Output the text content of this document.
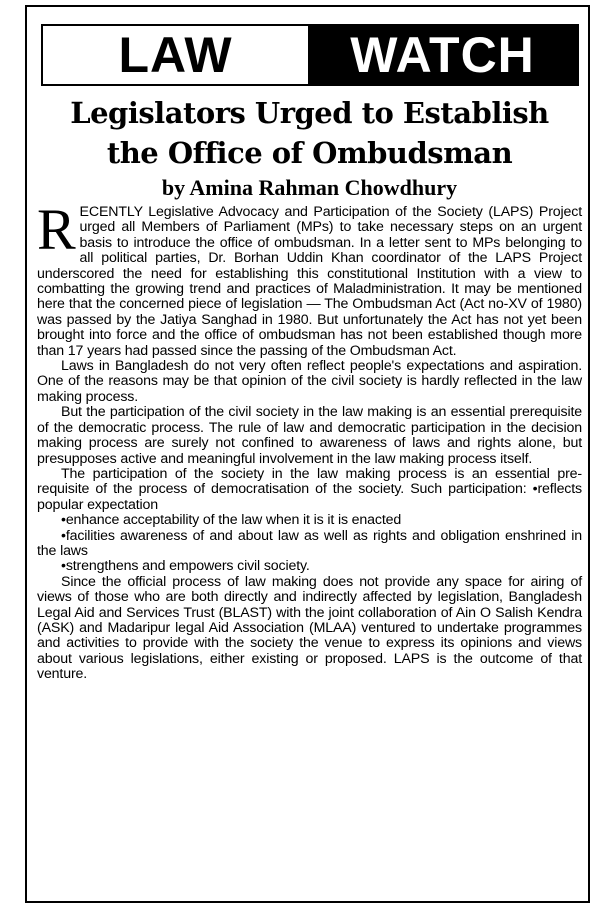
LAW	WATCH
Legislators Urged to Establish
the Office of Ombudsman
by Amina Rahman Chowdhury

RECENTLY Legislative Advocacy and Participation of the Society (LAPS) Project urged all Members of Parliament (MPs) to take necessary steps on an urgent basis to introduce the office of ombudsman. In a letter sent to MPs belonging to all political parties, Dr. Borhan Uddin Khan coordinator of the LAPS Project underscored the need for establishing this constitutional Institution with a view to combatting the growing trend and practices of Maladministration. It may be mentioned here that the concerned piece of legislation — The Ombudsman Act (Act no-XV of 1980) was passed by the Jatiya Sanghad in 1980. But unfortunately the Act has not yet been brought into force and the office of ombudsman has not been established though more than 17 years had passed since the passing of the Ombudsman Act.

Laws in Bangladesh do not very often reflect people's expectations and aspiration. One of the reasons may be that opinion of the civil society is hardly reflected in the law making process.

But the participation of the civil society in the law making is an essential prerequisite of the democratic process. The rule of law and democratic participation in the decision making process are surely not confined to awareness of laws and rights alone, but presupposes active and meaningful involvement in the law making process itself.

The participation of the society in the law making process is an essential pre-requisite of the process of democratisation of the society. Such participation: •reflects popular expectation

•enhance acceptability of the law when it is it is enacted

•facilities awareness of and about law as well as rights and obligation enshrined in the laws

•strengthens and empowers civil society.

Since the official process of law making does not provide any space for airing of views of those who are both directly and indirectly affected by legislation, Bangladesh Legal Aid and Services Trust (BLAST) with the joint collaboration of Ain O Salish Kendra (ASK) and Madaripur legal Aid Association (MLAA) ventured to undertake programmes and activities to provide with the society the venue to express its opinions and views about various legislations, either existing or proposed. LAPS is the outcome of that venture.
